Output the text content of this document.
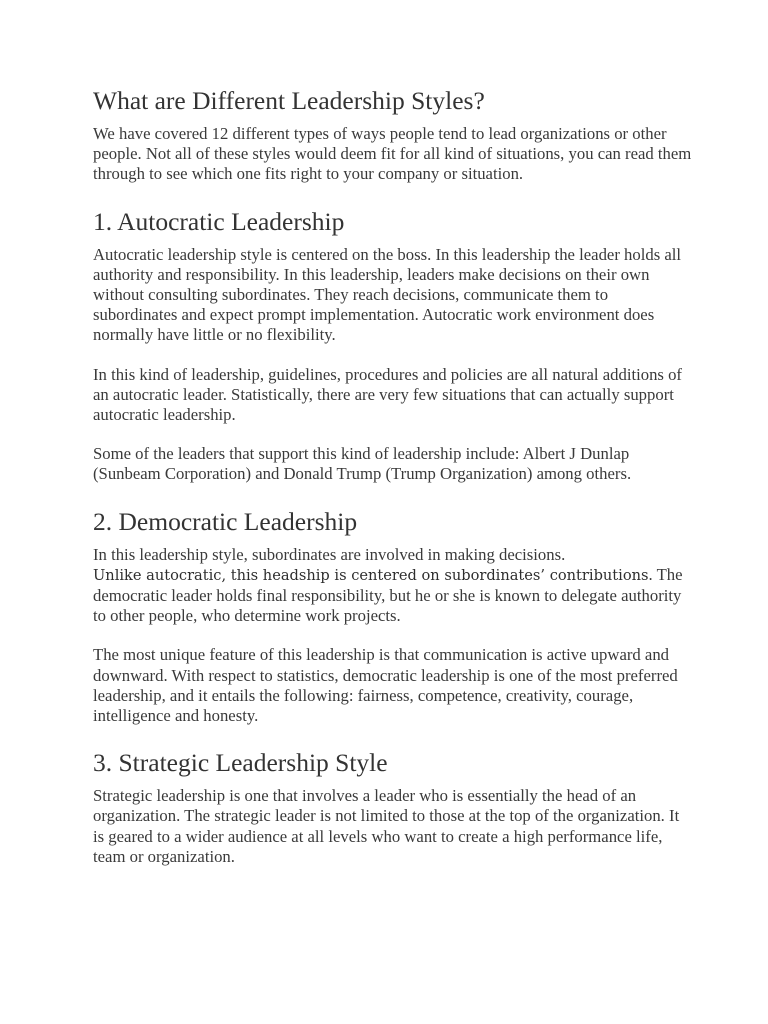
What are Different Leadership Styles?

We have covered 12 different types of ways people tend to lead organizations or other people. Not all of these styles would deem fit for all kind of situations, you can read them through to see which one fits right to your company or situation.

1. Autocratic Leadership

Autocratic leadership style is centered on the boss. In this leadership the leader holds all authority and responsibility. In this leadership, leaders make decisions on their own without consulting subordinates. They reach decisions, communicate them to subordinates and expect prompt implementation. Autocratic work environment does normally have little or no flexibility.

In this kind of leadership, guidelines, procedures and policies are all natural additions of an autocratic leader. Statistically, there are very few situations that can actually support autocratic leadership.

Some of the leaders that support this kind of leadership include: Albert J Dunlap (Sunbeam Corporation) and Donald Trump (Trump Organization) among others.

2. Democratic Leadership

In this leadership style, subordinates are involved in making decisions.
Unlike autocratic, this headship is centered on subordinates’ contributions. The democratic leader holds final responsibility, but he or she is known to delegate authority to other people, who determine work projects.

The most unique feature of this leadership is that communication is active upward and downward. With respect to statistics, democratic leadership is one of the most preferred leadership, and it entails the following: fairness, competence, creativity, courage, intelligence and honesty.

3. Strategic Leadership Style

Strategic leadership is one that involves a leader who is essentially the head of an organization. The strategic leader is not limited to those at the top of the organization. It is geared to a wider audience at all levels who want to create a high performance life, team or organization.
